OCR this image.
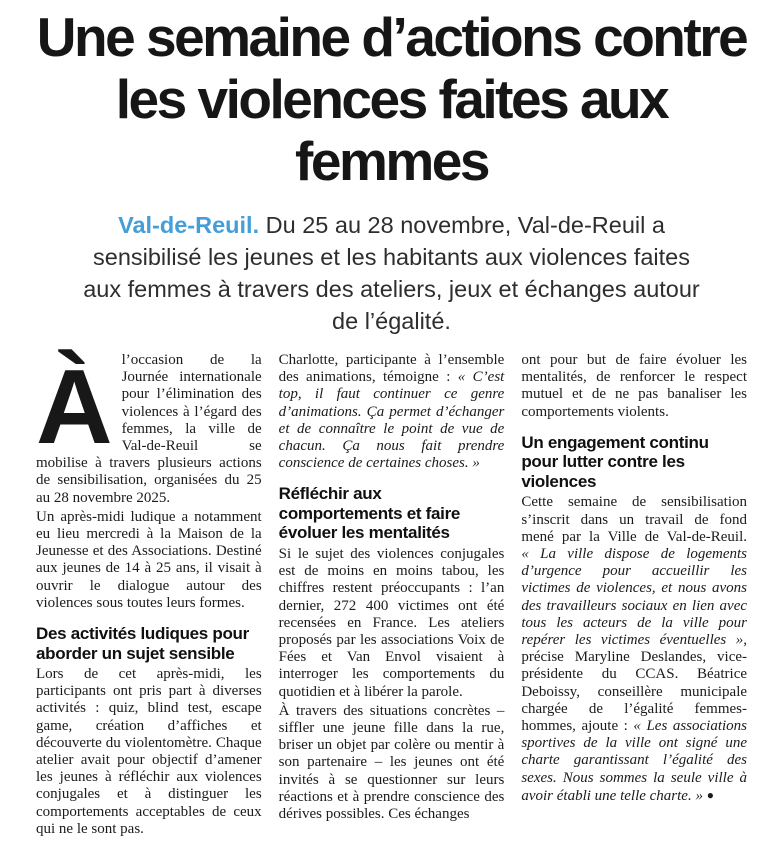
Une semaine d’actions contre les violences faites aux femmes

Val-de-Reuil. Du 25 au 28 novembre, Val-de-Reuil a sensibilisé les jeunes et les habitants aux violences faites aux femmes à travers des ateliers, jeux et échanges autour de l’égalité.

Àl’occasion de la Journée internationale pour l’élimination des violences à l’égard des femmes, la ville de Val-de-Reuil se mobilise à travers plusieurs actions de sensibilisation, organisées du 25 au 28 novembre 2025.

Un après-midi ludique a notamment eu lieu mercredi à la Maison de la Jeunesse et des Associations. Destiné aux jeunes de 14 à 25 ans, il visait à ouvrir le dialogue autour des violences sous toutes leurs formes.

Des activités ludiques pour aborder un sujet sensible

Lors de cet après-midi, les participants ont pris part à diverses activités : quiz, blind test, escape game, création d’affiches et découverte du violentomètre. Chaque atelier avait pour objectif d’amener les jeunes à réfléchir aux violences conjugales et à distinguer les comportements acceptables de ceux qui ne le sont pas.

Charlotte, participante à l’ensemble des animations, témoigne : « C’est top, il faut continuer ce genre d’animations. Ça permet d’échanger et de connaître le point de vue de chacun. Ça nous fait prendre conscience de certaines choses. »

Réfléchir aux comportements et faire évoluer les mentalités

Si le sujet des violences conjugales est de moins en moins tabou, les chiffres restent préoccupants : l’an dernier, 272 400 victimes ont été recensées en France. Les ateliers proposés par les associations Voix de Fées et Van Envol visaient à interroger les comportements du quotidien et à libérer la parole.

À travers des situations concrètes – siffler une jeune fille dans la rue, briser un objet par colère ou mentir à son partenaire – les jeunes ont été invités à se questionner sur leurs réactions et à prendre conscience des dérives possibles. Ces échanges

ont pour but de faire évoluer les mentalités, de renforcer le respect mutuel et de ne pas banaliser les comportements violents.

Un engagement continu pour lutter contre les violences

Cette semaine de sensibilisation s’inscrit dans un travail de fond mené par la Ville de Val-de-Reuil. « La ville dispose de logements d’urgence pour accueillir les victimes de violences, et nous avons des travailleurs sociaux en lien avec tous les acteurs de la ville pour repérer les victimes éventuelles », précise Maryline Deslandes, vice-présidente du CCAS. Béatrice Deboissy, conseillère municipale chargée de l’égalité femmes-hommes, ajoute : « Les associations sportives de la ville ont signé une charte garantissant l’égalité des sexes. Nous sommes la seule ville à avoir établi une telle charte. » ●
